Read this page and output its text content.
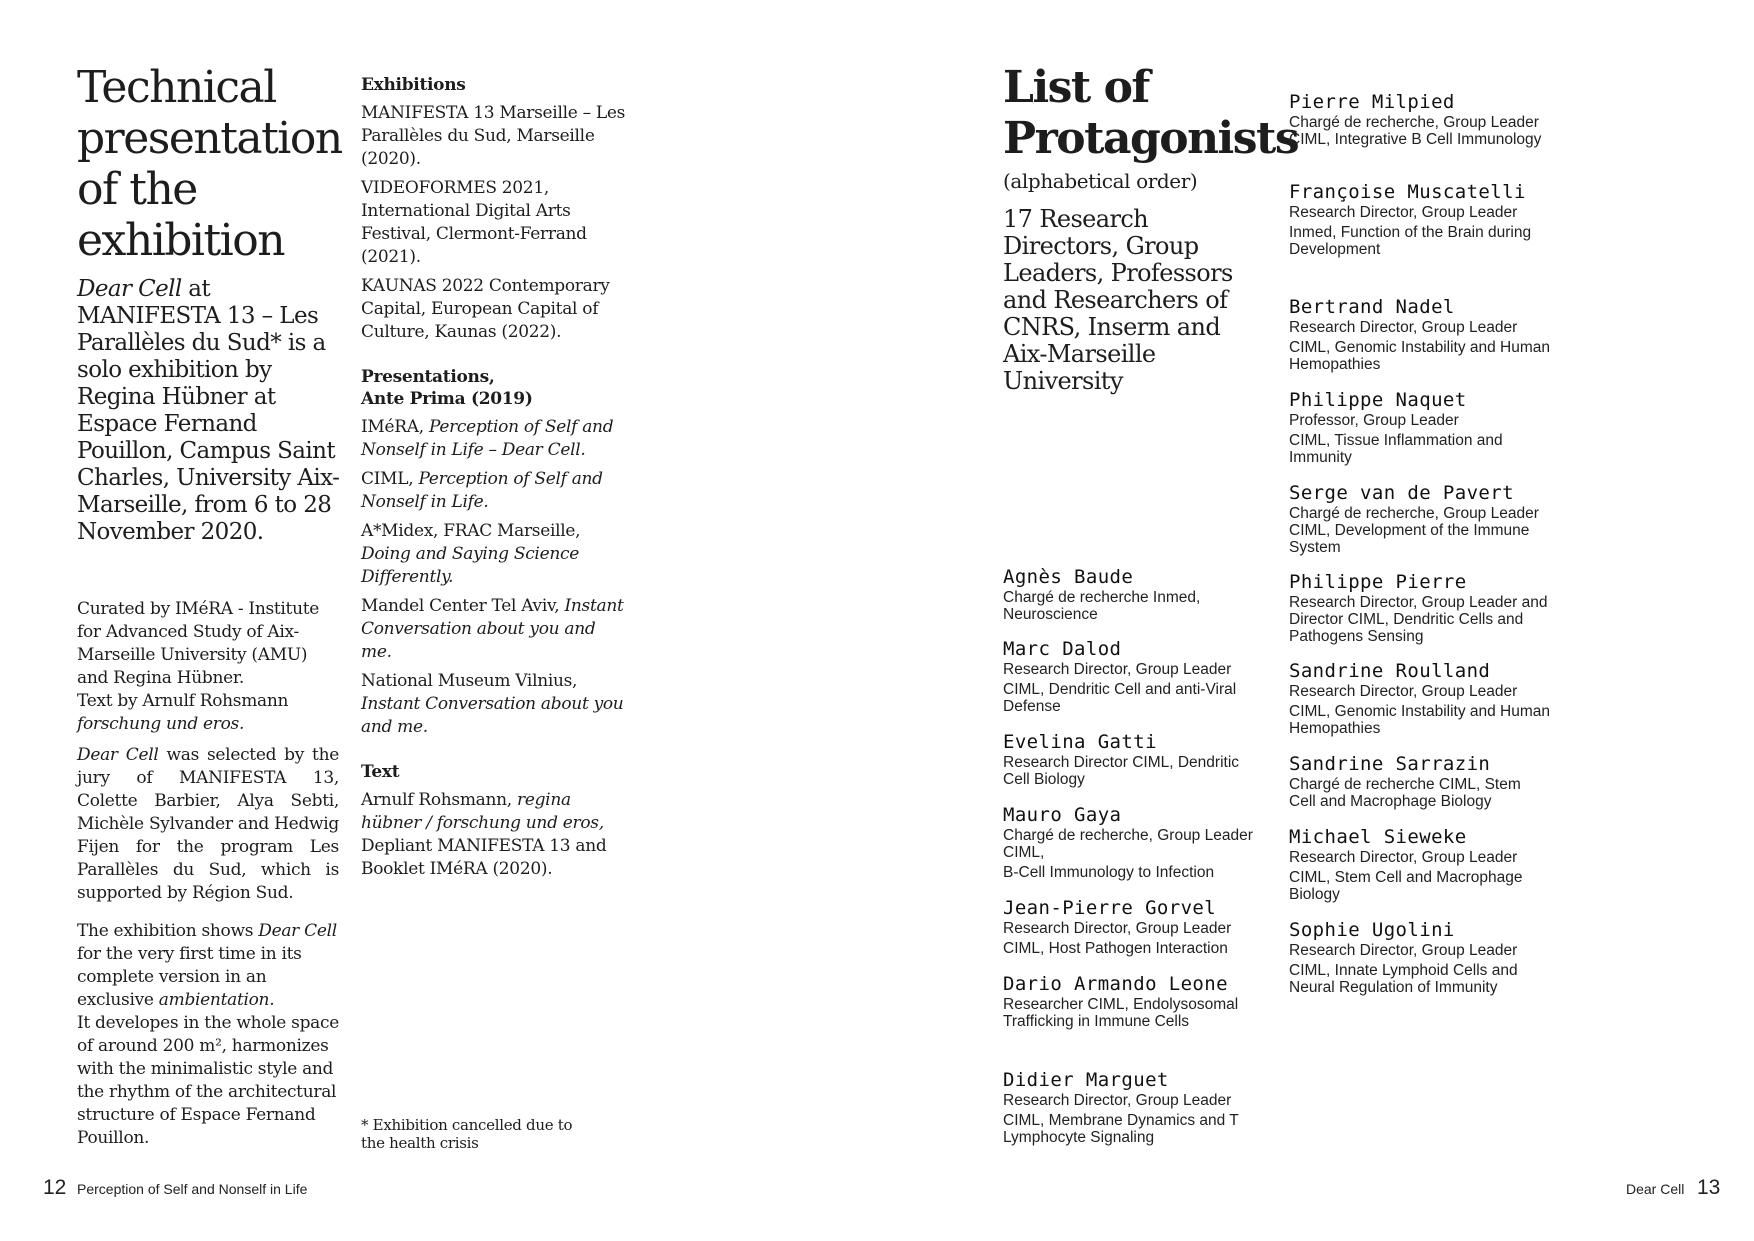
Technical
presentation
of the
exhibition
Dear Cell at MANIFESTA 13 – Les Parallèles du Sud* is a solo exhibition by Regina Hübner at Espace Fernand Pouillon, Campus Saint Charles, University Aix-Marseille, from 6 to 28 November 2020.
Curated by IMéRA - Institute for Advanced Study of Aix-Marseille University (AMU) and Regina Hübner.
Text by Arnulf Rohsmann
forschung und eros.
Dear Cell was selected by the jury of MANIFESTA 13, Colette Barbier, Alya Sebti, Michèle Sylvander and Hedwig Fijen for the program Les Parallèles du Sud, which is supported by Région Sud.
The exhibition shows Dear Cell for the very first time in its complete version in an exclusive ambientation.
It developes in the whole space of around 200 m², harmonizes with the minimalistic style and the rhythm of the architectural structure of Espace Fernand Pouillon.
Exhibitions
MANIFESTA 13 Marseille – Les Parallèles du Sud, Marseille (2020).
VIDEOFORMES 2021, International Digital Arts Festival, Clermont-Ferrand (2021).
KAUNAS 2022 Contemporary Capital, European Capital of Culture, Kaunas (2022).
Presentations,
Ante Prima (2019)
IMéRA, Perception of Self and Nonself in Life – Dear Cell.
CIML, Perception of Self and Nonself in Life.
A*Midex, FRAC Marseille, Doing and Saying Science Differently.
Mandel Center Tel Aviv, Instant Conversation about you and me.
National Museum Vilnius, Instant Conversation about you and me.
Text
Arnulf Rohsmann, regina hübner / forschung und eros, Depliant MANIFESTA 13 and Booklet IMéRA (2020).
* Exhibition cancelled due to the health crisis
12 Perception of Self and Nonself in Life
List of
Protagonists
(alphabetical order)
17 Research Directors, Group Leaders, Professors and Researchers of CNRS, Inserm and Aix-Marseille University
Agnès Baude
Chargé de recherche Inmed, Neuroscience
Marc Dalod
Research Director, Group Leader
CIML, Dendritic Cell and anti-Viral Defense
Evelina Gatti
Research Director CIML, Dendritic Cell Biology
Mauro Gaya
Chargé de recherche, Group Leader CIML,
B-Cell Immunology to Infection
Jean-Pierre Gorvel
Research Director, Group Leader
CIML, Host Pathogen Interaction
Dario Armando Leone
Researcher CIML, Endolysosomal Trafficking in Immune Cells
Didier Marguet
Research Director, Group Leader
CIML, Membrane Dynamics and T Lymphocyte Signaling
Pierre Milpied
Chargé de recherche, Group Leader CIML, Integrative B Cell Immunology
Françoise Muscatelli
Research Director, Group Leader
Inmed, Function of the Brain during Development
Bertrand Nadel
Research Director, Group Leader
CIML, Genomic Instability and Human Hemopathies
Philippe Naquet
Professor, Group Leader
CIML, Tissue Inflammation and Immunity
Serge van de Pavert
Chargé de recherche, Group Leader CIML, Development of the Immune System
Philippe Pierre
Research Director, Group Leader and Director CIML, Dendritic Cells and Pathogens Sensing
Sandrine Roulland
Research Director, Group Leader
CIML, Genomic Instability and Human Hemopathies
Sandrine Sarrazin
Chargé de recherche CIML, Stem Cell and Macrophage Biology
Michael Sieweke
Research Director, Group Leader
CIML, Stem Cell and Macrophage Biology
Sophie Ugolini
Research Director, Group Leader
CIML, Innate Lymphoid Cells and Neural Regulation of Immunity
Dear Cell 13
